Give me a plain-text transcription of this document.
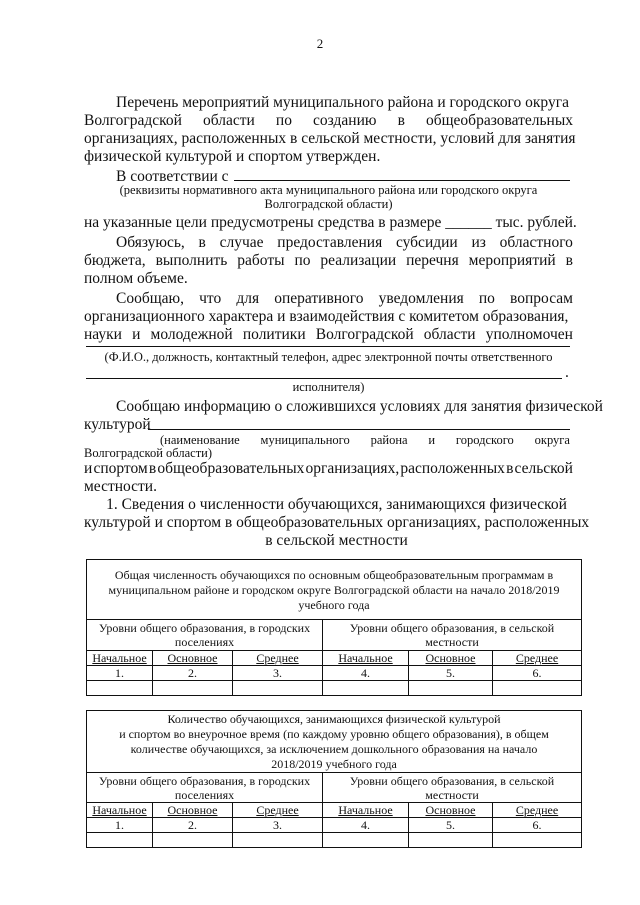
2
Перечень мероприятий муниципального района и городского округа
Волгоградской области по созданию в общеобразовательных
организациях, расположенных в сельской местности, условий для занятия
физической культурой и спортом утвержден.
В соответствии с
(реквизиты нормативного акта муниципального района или городского округа
Волгоградской области)
на указанные цели предусмотрены средства в размере ______ тыс. рублей.
Обязуюсь, в случае предоставления субсидии из областного
бюджета, выполнить работы по реализации перечня мероприятий в
полном объеме.
Сообщаю, что для оперативного уведомления по вопросам
организационного характера и взаимодействия с комитетом образования,
науки и молодежной политики Волгоградской области уполномочен
(Ф.И.О., должность, контактный телефон, адрес электронной почты ответственного
.
исполнителя)
Сообщаю информацию о сложившихся условиях для занятия физической
культурой
(наименование муниципального района и городского округа
Волгоградской области)
и спортом в общеобразовательных организациях, расположенных в сельской
местности.
1. Сведения о численности обучающихся, занимающихся физической
культурой и спортом в общеобразовательных организациях, расположенных
в сельской местности
Общая численность обучающихся по основным общеобразовательным программам в муниципальном районе и городском округе Волгоградской области на начало 2018/2019 учебного года					
Уровни общего образования, в городских поселениях			Уровни общего образования, в сельской местности		
Начальное	Основное	Среднее	Начальное	Основное	Среднее
1.	2.	3.	4.	5.	6.

Количество обучающихся, занимающихся физической культурой
и спортом во внеурочное время (по каждому уровню общего образования), в общем
количестве обучающихся, за исключением дошкольного образования на начало
2018/2019 учебного года					

Уровни общего образования, в городских поселениях			Уровни общего образования, в сельской местности		
Начальное	Основное	Среднее	Начальное	Основное	Среднее
1.	2.	3.	4.	5.	6.
